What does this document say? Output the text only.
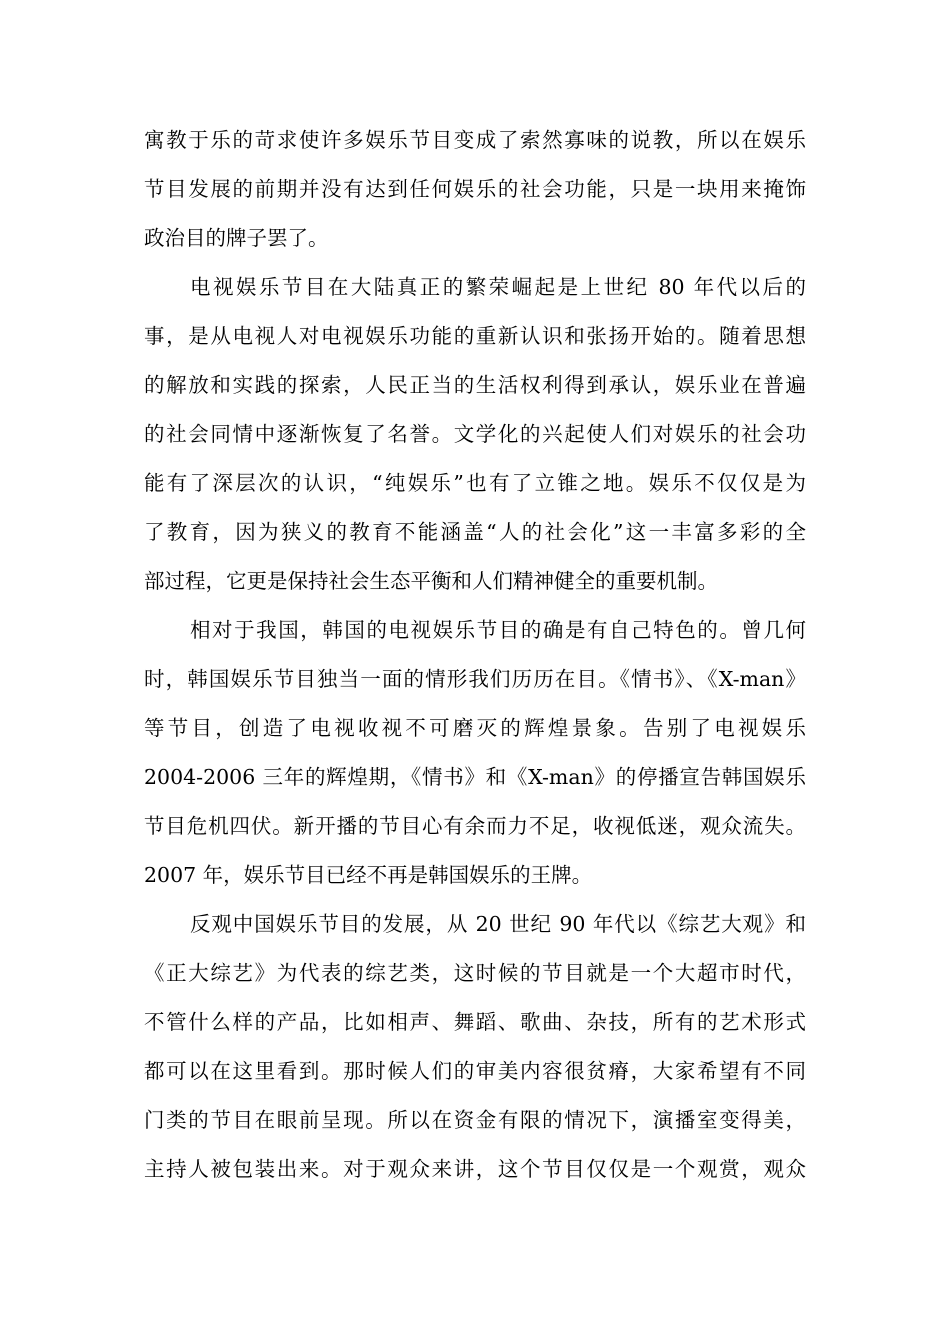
寓教于乐的苛求使许多娱乐节目变成了索然寡味的说教，所以在娱乐
节目发展的前期并没有达到任何娱乐的社会功能，只是一块用来掩饰
政治目的牌子罢了。
电视娱乐节目在大陆真正的繁荣崛起是上世纪 80 年代以后的
事，是从电视人对电视娱乐功能的重新认识和张扬开始的。随着思想
的解放和实践的探索，人民正当的生活权利得到承认，娱乐业在普遍
的社会同情中逐渐恢复了名誉。文学化的兴起使人们对娱乐的社会功
能有了深层次的认识，“纯娱乐”也有了立锥之地。娱乐不仅仅是为
了教育，因为狭义的教育不能涵盖“人的社会化”这一丰富多彩的全
部过程，它更是保持社会生态平衡和人们精神健全的重要机制。
相对于我国，韩国的电视娱乐节目的确是有自己特色的。曾几何
时，韩国娱乐节目独当一面的情形我们历历在目。《情书》、《X-man》
等节目，创造了电视收视不可磨灭的辉煌景象。告别了电视娱乐
2004-2006 三年的辉煌期，《情书》和《X-man》的停播宣告韩国娱乐
节目危机四伏。新开播的节目心有余而力不足，收视低迷，观众流失。
2007 年，娱乐节目已经不再是韩国娱乐的王牌。
反观中国娱乐节目的发展，从 20 世纪 90 年代以《综艺大观》和
《正大综艺》为代表的综艺类，这时候的节目就是一个大超市时代，
不管什么样的产品，比如相声、舞蹈、歌曲、杂技，所有的艺术形式
都可以在这里看到。那时候人们的审美内容很贫瘠，大家希望有不同
门类的节目在眼前呈现。所以在资金有限的情况下，演播室变得美，
主持人被包装出来。对于观众来讲，这个节目仅仅是一个观赏，观众
